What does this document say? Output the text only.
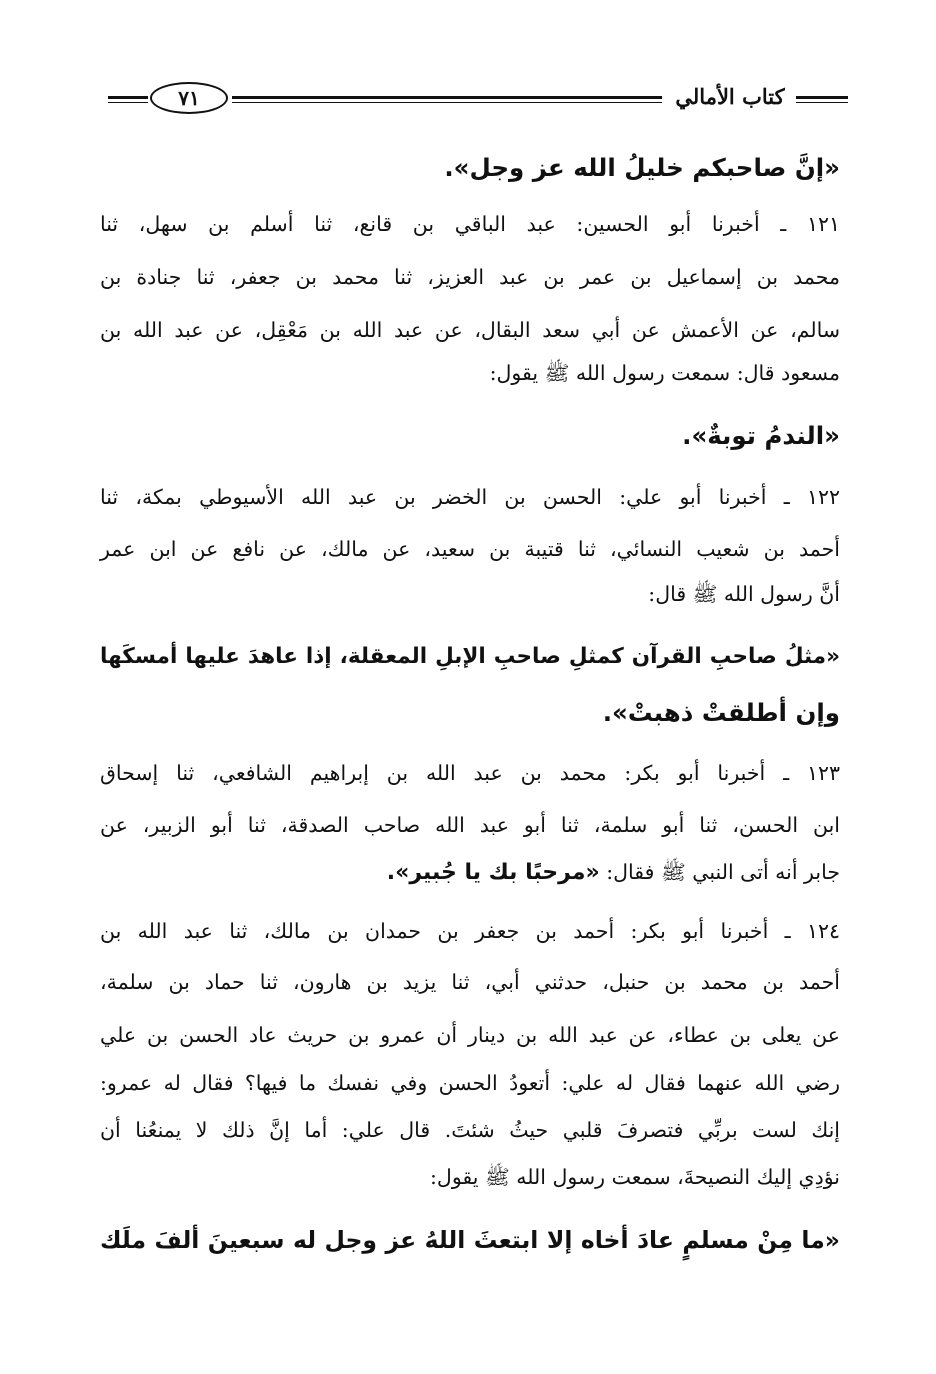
٧١	كتاب الأمالي
«إنَّ صاحبكم خليلُ الله عز وجل».
١٢١ ـ أخبرنا أبو الحسين: عبد الباقي بن قانع، ثنا أسلم بن سهل، ثنا
محمد بن إسماعيل بن عمر بن عبد العزيز، ثنا محمد بن جعفر، ثنا جنادة بن
سالم، عن الأعمش عن أبي سعد البقال، عن عبد الله بن مَعْقِل، عن عبد الله بن
مسعود قال: سمعت رسول الله ﷺ يقول:
«الندمُ توبةٌ».
١٢٢ ـ أخبرنا أبو علي: الحسن بن الخضر بن عبد الله الأسيوطي بمكة، ثنا
أحمد بن شعيب النسائي، ثنا قتيبة بن سعيد، عن مالك، عن نافع عن ابن عمر
أنَّ رسول الله ﷺ قال:
«مثلُ صاحبِ القرآن كمثلِ صاحبِ الإبلِ المعقلة، إذا عاهدَ عليها أمسكَها
وإن أطلقتْ ذهبتْ».
١٢٣ ـ أخبرنا أبو بكر: محمد بن عبد الله بن إبراهيم الشافعي، ثنا إسحاق
ابن الحسن، ثنا أبو سلمة، ثنا أبو عبد الله صاحب الصدقة، ثنا أبو الزبير، عن
جابر أنه أتى النبي ﷺ فقال: «مرحبًا بك يا جُبير».
١٢٤ ـ أخبرنا أبو بكر: أحمد بن جعفر بن حمدان بن مالك، ثنا عبد الله بن
أحمد بن محمد بن حنبل، حدثني أبي، ثنا يزيد بن هارون، ثنا حماد بن سلمة،
عن يعلى بن عطاء، عن عبد الله بن دينار أن عمرو بن حريث عاد الحسن بن علي
رضي الله عنهما فقال له علي: أتعودُ الحسن وفي نفسك ما فيها؟ فقال له عمرو:
إنك لست بربِّي فتصرفَ قلبي حيثُ شئتَ. قال علي: أما إنَّ ذلك لا يمنعُنا أن
نؤدِي إليك النصيحةَ، سمعت رسول الله ﷺ يقول:
«ما مِنْ مسلمٍ عادَ أخاه إلا ابتعثَ اللهُ عز وجل له سبعينَ ألفَ ملَك
